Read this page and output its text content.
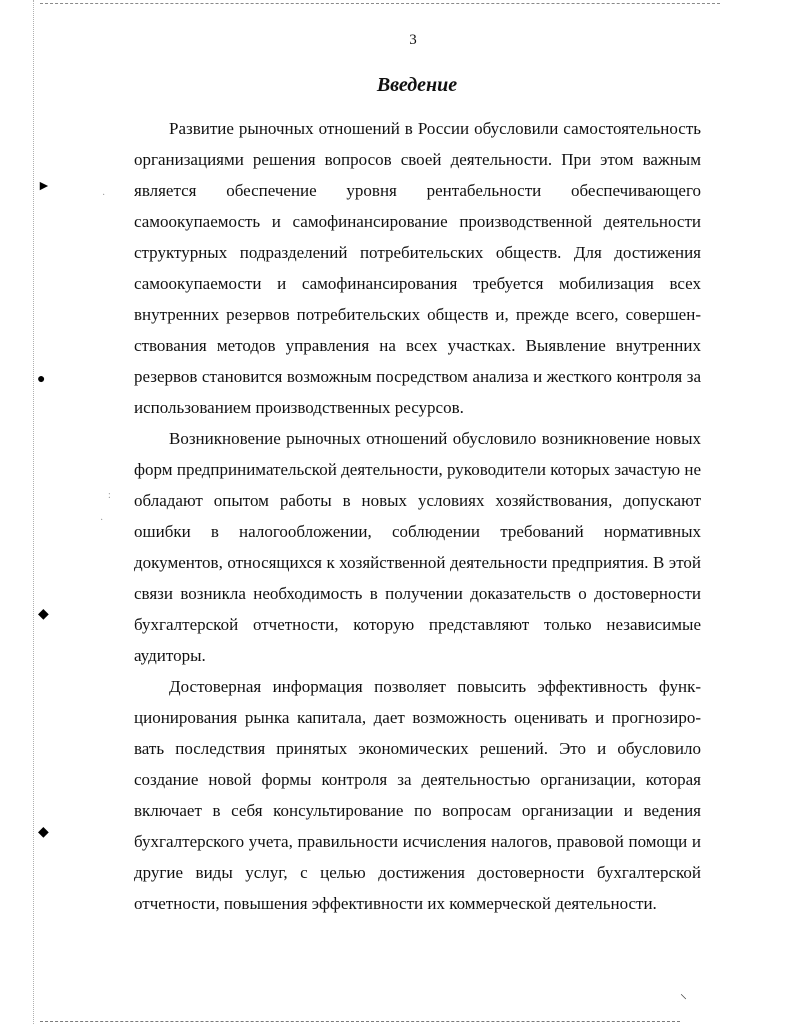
►
●
◆
◆
·
:
·
⸌
3
Введение

Развитие рыночных отношений в России обусловили самостоятельность организациями решения вопросов своей деятельности. При этом важным является обеспечение уровня рентабельности обеспечивающего самоокупаемость и самофинансирование производственной деятельности структурных подразделений потребительских обществ. Для достижения самоокупаемости и самофинансирования требуется мобилизация всех внутренних резервов потребительских обществ и, прежде всего, совершенствования методов управления на всех участках. Выявление внутренних резервов становится возможным посредством анализа и жесткого контроля за использованием производственных ресурсов.

Возникновение рыночных отношений обусловило возникновение новых форм предпринимательской деятельности, руководители которых зачастую не обладают опытом работы в новых условиях хозяйствования, допускают ошибки в налогообложении, соблюдении требований нормативных документов, относящихся к хозяйственной деятельности предприятия. В этой связи возникла необходимость в получении доказательств о достоверности бухгалтерской отчетности, которую представляют только независимые аудиторы.

Достоверная информация позволяет повысить эффективность функционирования рынка капитала, дает возможность оценивать и прогнозировать последствия принятых экономических решений. Это и обусловило создание новой формы контроля за деятельностью организации, которая включает в себя консультирование по вопросам организации и ведения бухгалтерского учета, правильности исчисления налогов, правовой помощи и другие виды услуг, с целью достижения достоверности бухгалтерской отчетности, повышения эффективности их коммерческой деятельности.
